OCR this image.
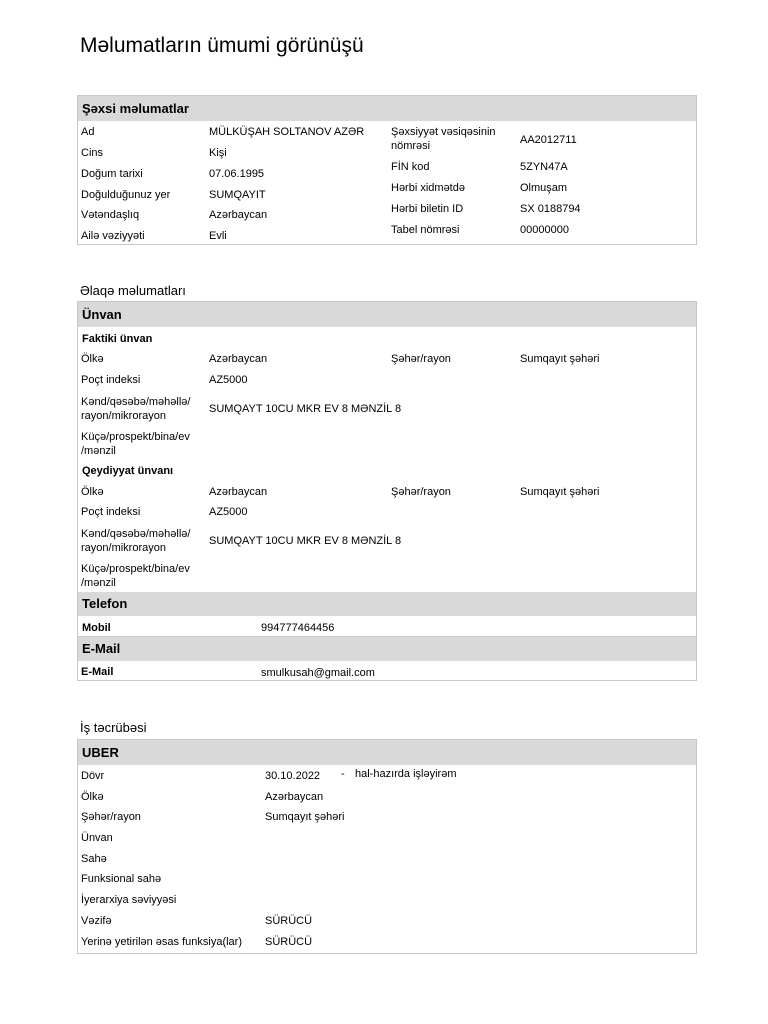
Məlumatların ümumi görünüşü
Şəxsi məlumatlar
Ad	MÜLKÜŞAH SOLTANOV AZƏR
Cins	Kişi
Doğum tarixi	07.06.1995
Doğulduğunuz yer	SUMQAYIT
Vətəndaşlıq	Azərbaycan
Ailə vəziyyəti	Evli
Şəxsiyyət vəsiqəsinin nömrəsi	AA2012711
FİN kod	5ZYN47A
Hərbi xidmətdə	Olmuşam
Hərbi biletin ID	SX 0188794
Tabel nömrəsi	00000000
Əlaqə məlumatları
Ünvan
Faktiki ünvan
Ölkə	Azərbaycan	Şəhər/rayon	Sumqayıt şəhəri
Poçt indeksi	AZ5000
Kənd/qəsəbə/məhəllə/
rayon/mikrorayon
SUMQAYT 10CU MKR EV 8 MƏNZİL 8
Küçə/prospekt/bina/ev
/mənzil
Qeydiyyat ünvanı
Ölkə	Azərbaycan	Şəhər/rayon	Sumqayıt şəhəri
Poçt indeksi	AZ5000
Kənd/qəsəbə/məhəllə/
rayon/mikrorayon
SUMQAYT 10CU MKR EV 8 MƏNZİL 8
Küçə/prospekt/bina/ev
/mənzil
Telefon
Mobil	994777464456
E-Mail
E-Mail	smulkusah@gmail.com
İş təcrübəsi
UBER
Dövr	30.10.2022 - hal-hazırda işləyirəm
Ölkə	Azərbaycan
Şəhər/rayon	Sumqayıt şəhəri
Ünvan
Sahə
Funksional sahə
İyerarxiya səviyyəsi
Vəzifə	SÜRÜCÜ
Yerinə yetirilən əsas funksiya(lar) SÜRÜCÜ
